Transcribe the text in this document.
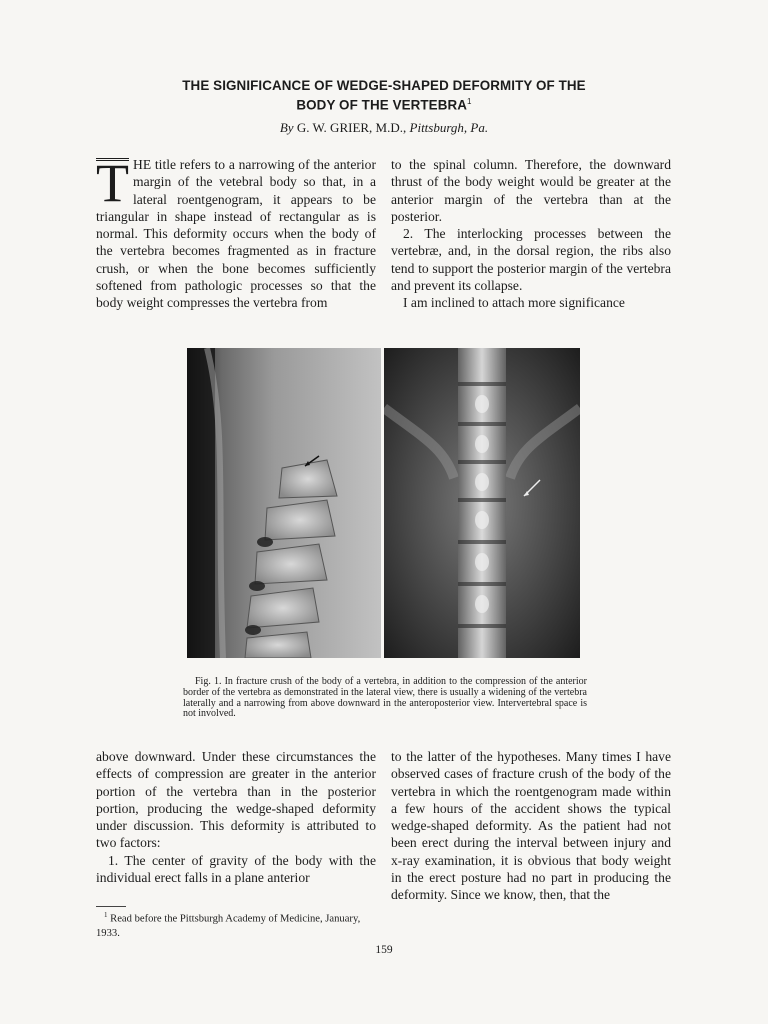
THE SIGNIFICANCE OF WEDGE-SHAPED DEFORMITY OF THE
BODY OF THE VERTEBRA$^1$
By G. W. GRIER, M.D., Pittsburgh, Pa.

T HE title refers to a narrowing of the anterior margin of the vetebral body so that, in a lateral roentgenogram, it appears to be triangular in shape instead of rectangular as is normal. This deformity occurs when the body of the vertebra becomes fragmented as in fracture crush, or when the bone becomes sufficiently softened from pathologic processes so that the body weight compresses the vertebra from

to the spinal column. Therefore, the downward thrust of the body weight would be greater at the anterior margin of the vertebra than at the posterior.

2. The interlocking processes between the vertebræ, and, in the dorsal region, the ribs also tend to support the posterior margin of the vertebra and prevent its collapse.

I am inclined to attach more significance

Fig. 1. In fracture crush of the body of a vertebra, in addition to the compression of the anterior border of the vertebra as demonstrated in the lateral view, there is usually a widening of the vertebra laterally and a narrowing from above downward in the anteroposterior view. Intervertebral space is not involved.

above downward. Under these circumstances the effects of compression are greater in the anterior portion of the vertebra than in the posterior portion, producing the wedge-shaped deformity under discussion. This deformity is attributed to two factors:

1. The center of gravity of the body with the individual erect falls in a plane anterior

to the latter of the hypotheses. Many times I have observed cases of fracture crush of the body of the vertebra in which the roentgenogram made within a few hours of the accident shows the typical wedge-shaped deformity. As the patient had not been erect during the interval between injury and x-ray examination, it is obvious that body weight in the erect posture had no part in producing the deformity. Since we know, then, that the

$^1$ Read before the Pittsburgh Academy of Medicine, January, 1933.
159
